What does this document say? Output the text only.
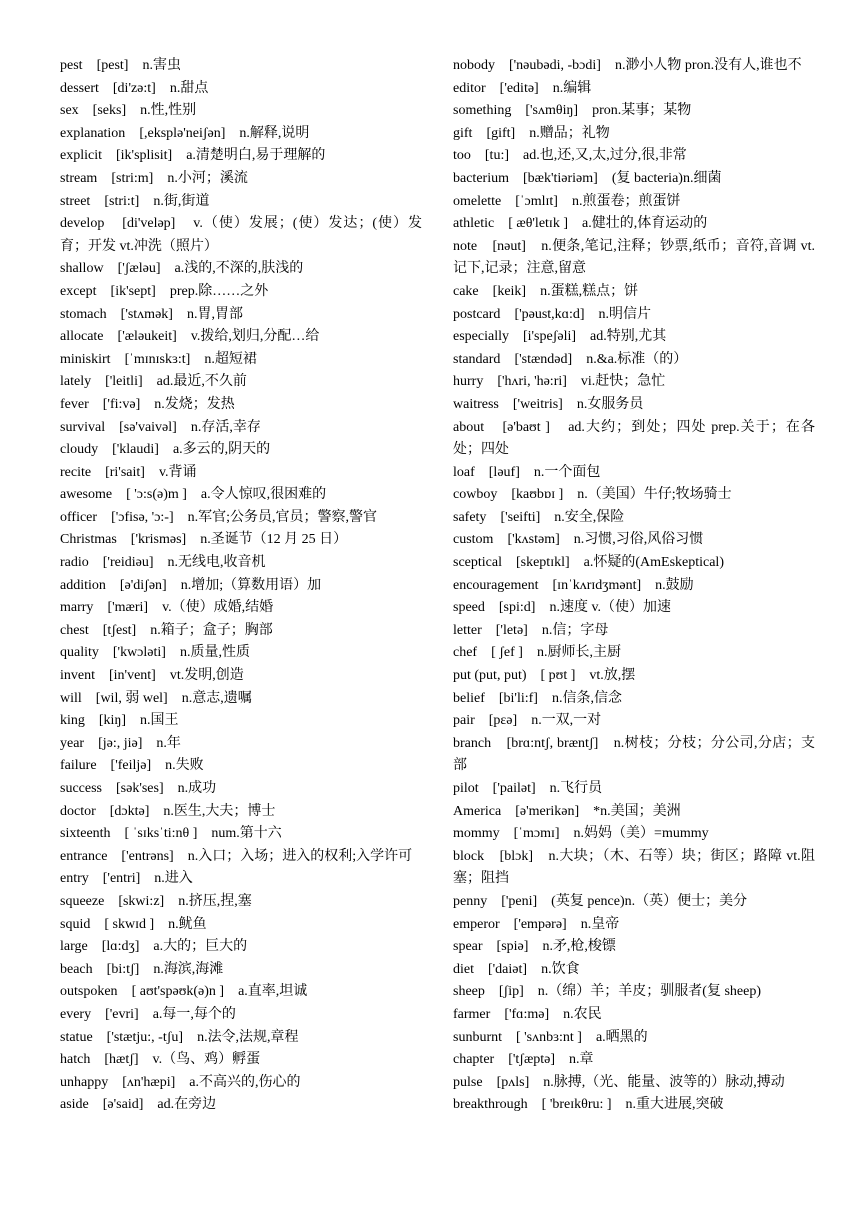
pest [pest] n.害虫

dessert [di'zə:t] n.甜点

sex [seks] n.性,性别

explanation [,eksplə'neiʃən] n.解释,说明

explicit [ik'splisit] a.清楚明白,易于理解的

stream [stri:m] n.小河；溪流

street [stri:t] n.街,街道

develop [di'veləp] v.（使）发展；(使）发达；(使）发育；开发 vt.冲洗（照片）

shallow ['ʃæləu] a.浅的,不深的,肤浅的

except [ik'sept] prep.除……之外

stomach ['stʌmək] n.胃,胃部

allocate ['æləukeit] v.拨给,划归,分配…给

miniskirt [ˈmɪnɪskɜ:t] n.超短裙

lately ['leitli] ad.最近,不久前

fever ['fi:və] n.发烧；发热

survival [sə'vaivəl] n.存活,幸存

cloudy ['klaudi] a.多云的,阴天的

recite [ri'sait] v.背诵

awesome [ 'ɔ:s(ə)m ] a.令人惊叹,很困难的

officer ['ɔfisə, 'ɔ:-] n.军官;公务员,官员；警察,警官

Christmas ['krisməs] n.圣诞节（12 月 25 日）

radio ['reidiəu] n.无线电,收音机

addition [ə'diʃən] n.增加;（算数用语）加

marry ['mæri] v.（使）成婚,结婚

chest [tʃest] n.箱子；盒子；胸部

quality ['kwɔləti] n.质量,性质

invent [in'vent] vt.发明,创造

will [wil, 弱 wel] n.意志,遗嘱

king [kiŋ] n.国王

year [jə:, jiə] n.年

failure ['feiljə] n.失败

success [sək'ses] n.成功

doctor [dɔktə] n.医生,大夫；博士

sixteenth [ ˈsɪksˈti:nθ ] num.第十六

entrance ['entrəns] n.入口；入场；进入的权利;入学许可

entry ['entri] n.进入

squeeze [skwi:z] n.挤压,捏,塞

squid [ skwɪd ] n.鱿鱼

large [lɑ:dʒ] a.大的；巨大的

beach [bi:tʃ] n.海滨,海滩

outspoken [ aʊt'spəʊk(ə)n ] a.直率,坦诚

every ['evri] a.每一,每个的

statue ['stætju:, -tʃu] n.法令,法规,章程

hatch [hætʃ] v.（鸟、鸡）孵蛋

unhappy [ʌn'hæpi] a.不高兴的,伤心的

aside [ə'said] ad.在旁边

nobody ['nəubədi, -bɔdi] n.渺小人物 pron.没有人,谁也不

editor ['editə] n.编辑

something ['sʌmθiŋ] pron.某事；某物

gift [gift] n.赠品；礼物

too [tu:] ad.也,还,又,太,过分,很,非常

bacterium [bæk'tiəriəm] (复 bacteria)n.细菌

omelette [ˈɔmlɪt] n.煎蛋卷；煎蛋饼

athletic [ æθ'letɪk ] a.健壮的,体育运动的

note [nəut] n.便条,笔记,注释；钞票,纸币；音符,音调 vt.记下,记录；注意,留意

cake [keik] n.蛋糕,糕点；饼

postcard ['pəust,kɑ:d] n.明信片

especially [i'speʃəli] ad.特别,尤其

standard ['stændəd] n.&a.标准（的）

hurry ['hʌri, 'hə:ri] vi.赶快；急忙

waitress ['weitris] n.女服务员

about [ə'baʊt ] ad.大约；到处；四处 prep.关于；在各处；四处

loaf [ləuf] n.一个面包

cowboy [kaʊbɒɪ ] n.（美国）牛仔;牧场骑士

safety ['seifti] n.安全,保险

custom ['kʌstəm] n.习惯,习俗,风俗习惯

sceptical [skeptɪkl] a.怀疑的(AmEskeptical)

encouragement [ɪnˈkʌrɪdʒmənt] n.鼓励

speed [spi:d] n.速度 v.（使）加速

letter ['letə] n.信；字母

chef [ ʃef ] n.厨师长,主厨

put (put, put) [ pʊt ] vt.放,摆

belief [bi'li:f] n.信条,信念

pair [pεə] n.一双,一对

branch [brɑ:ntʃ, bræntʃ] n.树枝；分枝；分公司,分店；支部

pilot ['pailət] n.飞行员

America [ə'merikən] *n.美国；美洲

mommy [ˈmɔmɪ] n.妈妈（美）=mummy

block [blɔk] n.大块；（木、石等）块；街区；路障 vt.阻塞；阻挡

penny ['peni] (英复 pence)n.（英）便士；美分

emperor ['empərə] n.皇帝

spear [spiə] n.矛,枪,梭镖

diet ['daiət] n.饮食

sheep [ʃip] n.（绵）羊；羊皮；驯服者(复 sheep)

farmer ['fɑ:mə] n.农民

sunburnt [ 'sʌnbɜ:nt ] a.晒黑的

chapter ['tʃæptə] n.章

pulse [pʌls] n.脉搏,（光、能量、波等的）脉动,搏动

breakthrough [ 'breɪkθru: ] n.重大进展,突破
